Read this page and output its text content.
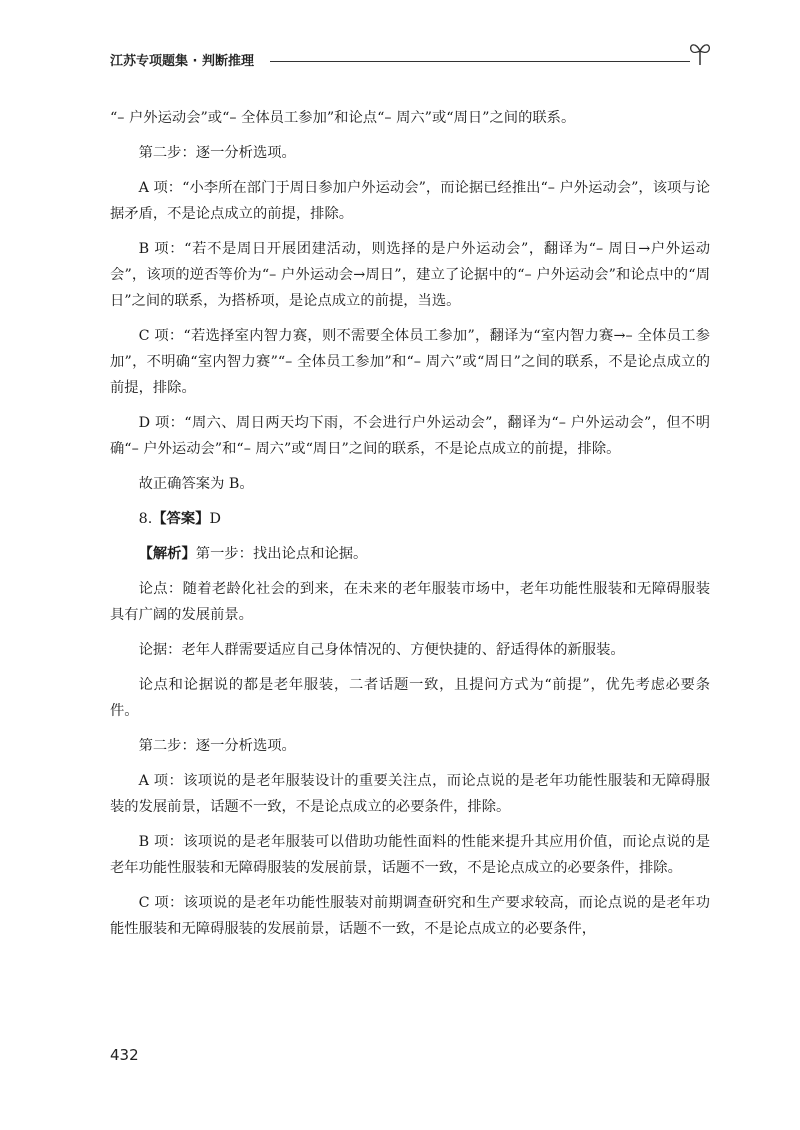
江苏专项题集 · 判断推理

“– 户外运动会”或“– 全体员工参加”和论点“– 周六”或“周日”之间的联系。

第二步：逐一分析选项。

A 项：“小李所在部门于周日参加户外运动会”，而论据已经推出“– 户外运动会”，该项与论据矛盾，不是论点成立的前提，排除。

B 项：“若不是周日开展团建活动，则选择的是户外运动会”，翻译为“– 周日→户外运动会”，该项的逆否等价为“– 户外运动会→周日”，建立了论据中的“– 户外运动会”和论点中的“周日”之间的联系，为搭桥项，是论点成立的前提，当选。

C 项：“若选择室内智力赛，则不需要全体员工参加”，翻译为“室内智力赛→– 全体员工参加”，不明确“室内智力赛”“– 全体员工参加”和“– 周六”或“周日”之间的联系，不是论点成立的前提，排除。

D 项：“周六、周日两天均下雨，不会进行户外运动会”，翻译为“– 户外运动会”，但不明确“– 户外运动会”和“– 周六”或“周日”之间的联系，不是论点成立的前提，排除。

故正确答案为 B。

8.【答案】D

【解析】第一步：找出论点和论据。

论点：随着老龄化社会的到来，在未来的老年服装市场中，老年功能性服装和无障碍服装具有广阔的发展前景。

论据：老年人群需要适应自己身体情况的、方便快捷的、舒适得体的新服装。

论点和论据说的都是老年服装，二者话题一致，且提问方式为“前提”，优先考虑必要条件。

第二步：逐一分析选项。

A 项：该项说的是老年服装设计的重要关注点，而论点说的是老年功能性服装和无障碍服装的发展前景，话题不一致，不是论点成立的必要条件，排除。

B 项：该项说的是老年服装可以借助功能性面料的性能来提升其应用价值，而论点说的是老年功能性服装和无障碍服装的发展前景，话题不一致，不是论点成立的必要条件，排除。

C 项：该项说的是老年功能性服装对前期调查研究和生产要求较高，而论点说的是老年功能性服装和无障碍服装的发展前景，话题不一致，不是论点成立的必要条件，

432
